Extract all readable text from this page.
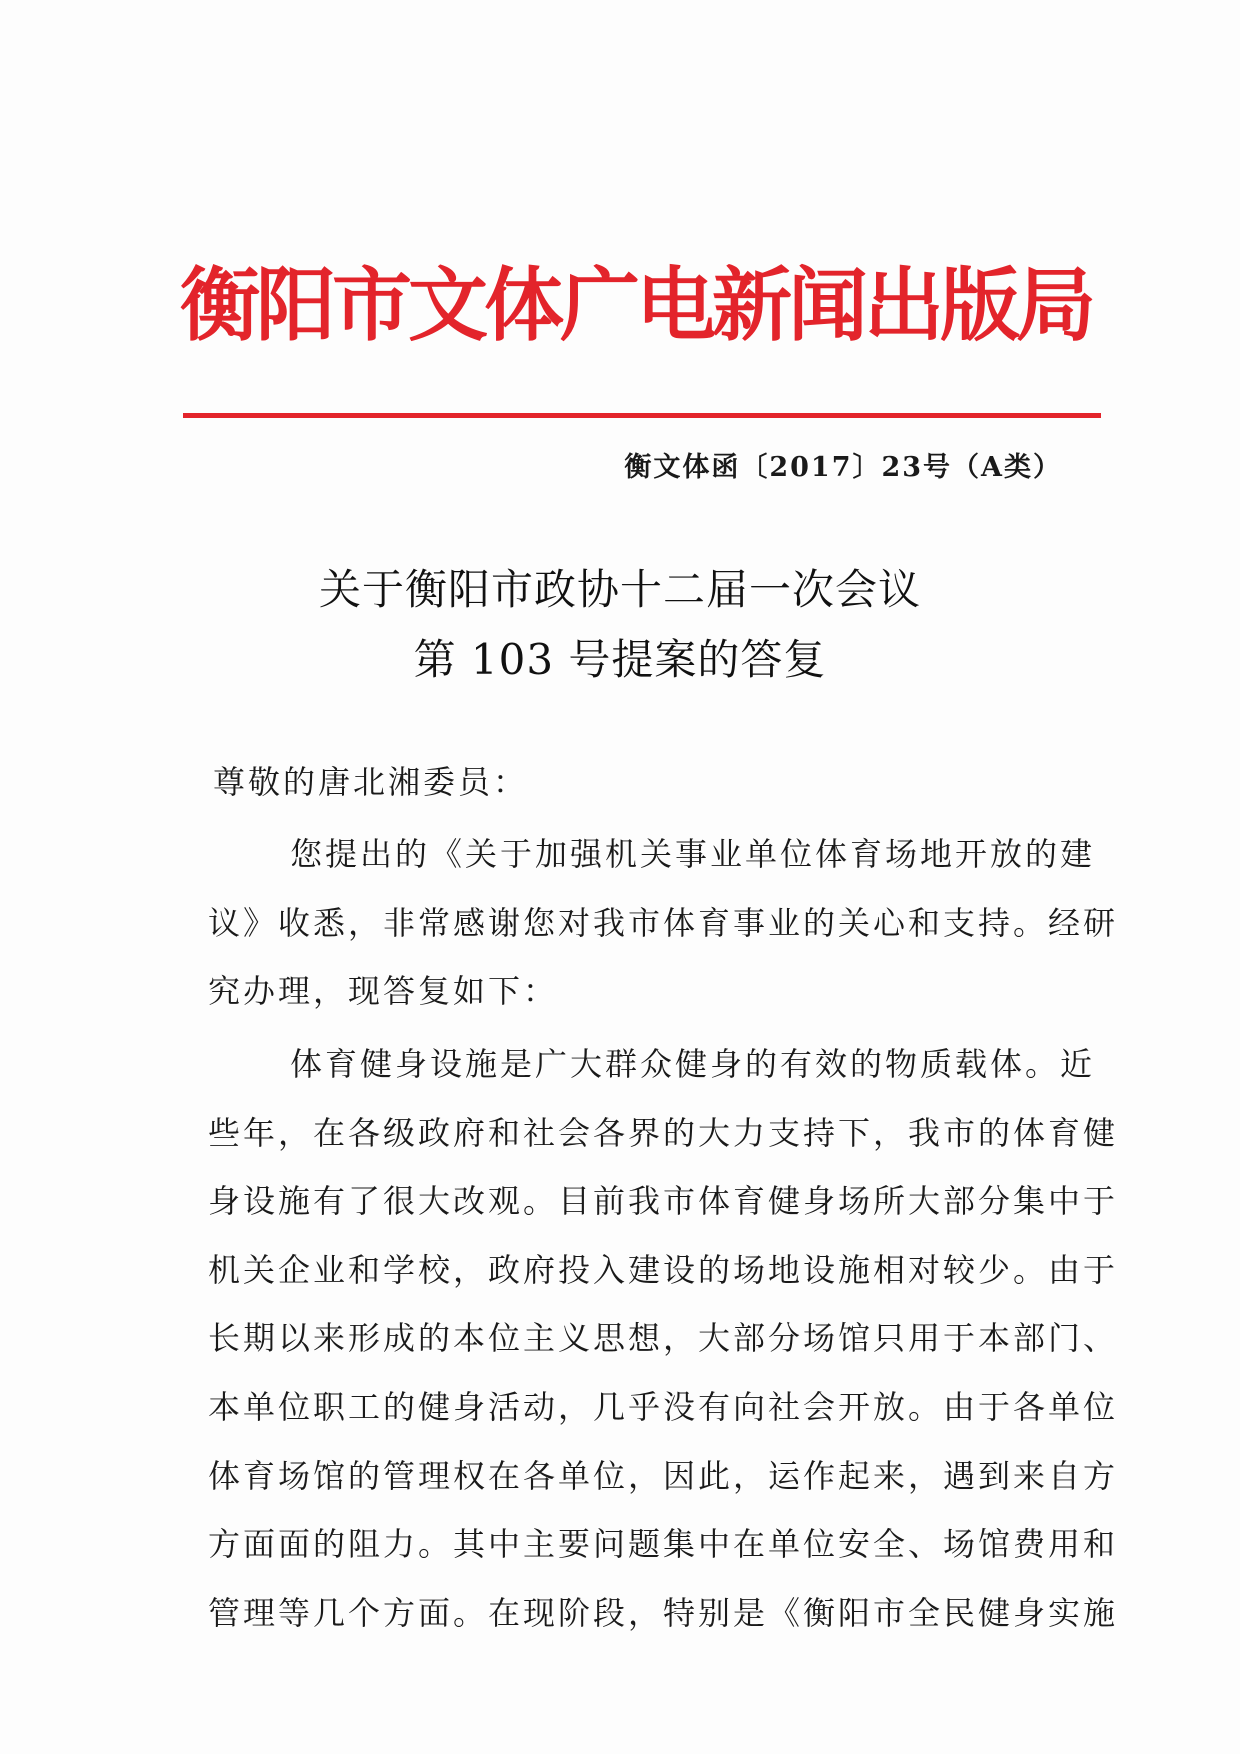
衡阳市文体广电新闻出版局
衡文体函〔2017〕23号（A类）
关于衡阳市政协十二届一次会议
第 103 号提案的答复
尊敬的唐北湘委员：
您提出的《关于加强机关事业单位体育场地开放的建
议》收悉，非常感谢您对我市体育事业的关心和支持。经研
究办理，现答复如下：
体育健身设施是广大群众健身的有效的物质载体。近
些年，在各级政府和社会各界的大力支持下，我市的体育健
身设施有了很大改观。目前我市体育健身场所大部分集中于
机关企业和学校，政府投入建设的场地设施相对较少。由于
长期以来形成的本位主义思想，大部分场馆只用于本部门、
本单位职工的健身活动，几乎没有向社会开放。由于各单位
体育场馆的管理权在各单位，因此，运作起来，遇到来自方
方面面的阻力。其中主要问题集中在单位安全、场馆费用和
管理等几个方面。在现阶段，特别是《衡阳市全民健身实施
